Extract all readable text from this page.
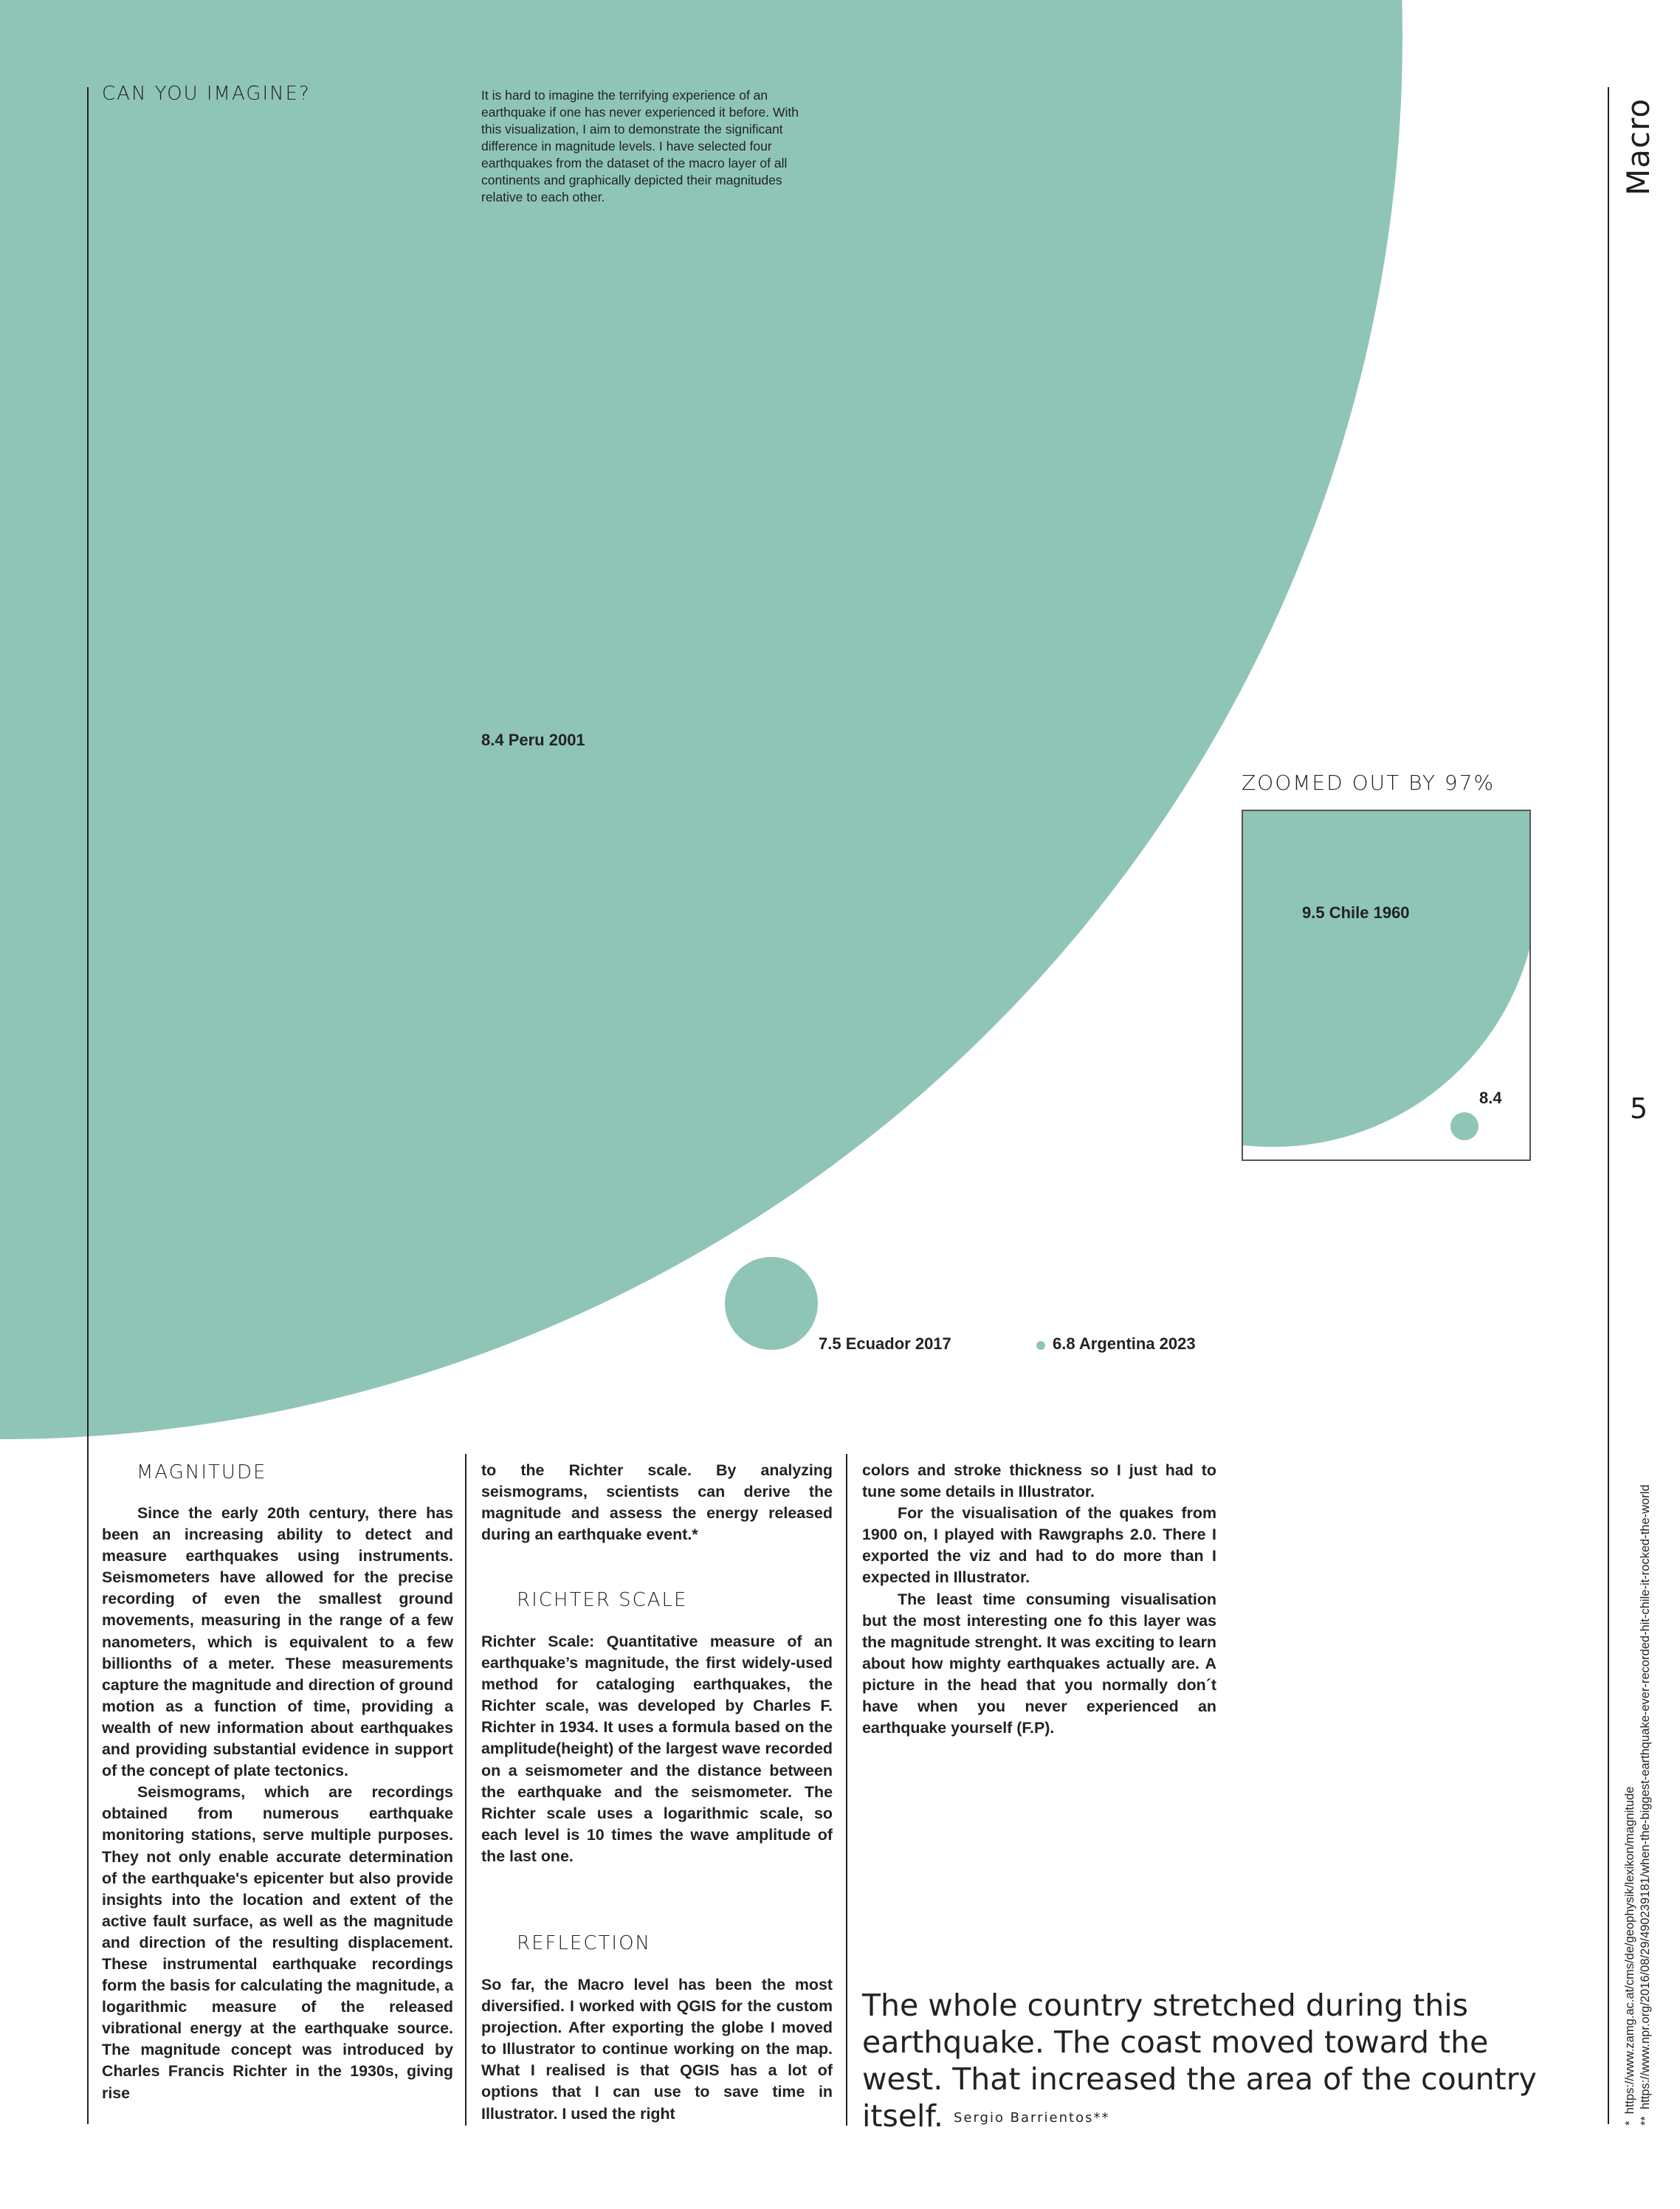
CAN YOU IMAGINE?	It is hard to imagine the terrifying experience of an earthquake if one has never experienced it before. With this visualization, I aim to demonstrate the significant difference in magnitude levels. I have selected four earthquakes from the dataset of the macro layer of all continents and graphically depicted their magnitudes relative to each other.
8.4 Peru 2001
ZOOMED OUT BY 97%
9.5 Chile 1960
8.4
7.5 Ecuador 2017	6.8 Argentina 2023
MAGNITUDE

Since the early 20th century, there has been an increasing ability to detect and measure earthquakes using instruments. Seismometers have allowed for the precise recording of even the smallest ground movements, measuring in the range of a few nanometers, which is equivalent to a few billionths of a meter. These measurements capture the magnitude and direction of ground motion as a function of time, providing a wealth of new information about earthquakes and providing substantial evidence in support of the concept of plate tectonics.

Seismograms, which are recordings obtained from numerous earthquake monitoring stations, serve multiple purposes. They not only enable accurate determination of the earthquake's epicenter but also provide insights into the location and extent of the active fault surface, as well as the magnitude and direction of the resulting displacement. These instrumental earthquake recordings form the basis for calculating the magnitude, a logarithmic measure of the released vibrational energy at the earthquake source. The magnitude concept was introduced by Charles Francis Richter in the 1930s, giving rise

to the Richter scale. By analyzing seismograms, scientists can derive the magnitude and assess the energy released during an earthquake event.*

RICHTER SCALE

Richter Scale: Quantitative measure of an earthquake’s magnitude, the first widely-used method for cataloging earthquakes, the Richter scale, was developed by Charles F. Richter in 1934. It uses a formula based on the amplitude(height) of the largest wave recorded on a seismometer and the distance between the earthquake and the seismometer. The Richter scale uses a logarithmic scale, so each level is 10 times the wave amplitude of the last one.

REFLECTION

So far, the Macro level has been the most diversified. I worked with QGIS for the custom projection. After exporting the globe I moved to Illustrator to continue working on the map. What I realised is that QGIS has a lot of options that I can use to save time in Illustrator. I used the right

colors and stroke thickness so I just had to tune some details in Illustrator.

For the visualisation of the quakes from 1900 on, I played with Rawgraphs 2.0. There I exported the viz and had to do more than I expected in Illustrator.

The least time consuming visualisation but the most interesting one fo this layer was the magnitude strenght. It was exciting to learn about how mighty earthquakes actually are. A picture in the head that you normally don´t have when you never experienced an earthquake yourself (F.P).

The whole country stretched during this earthquake. The coast moved toward the west. That increased the area of the country itself. Sergio Barrientos**
Macro
5
*  https://www.zamg.ac.at/cms/de/geophysik/lexikon/magnitude
**  https://www.npr.org/2016/08/29/490239181/when-the-biggest-earthquake-ever-recorded-hit-chile-it-rocked-the-world
